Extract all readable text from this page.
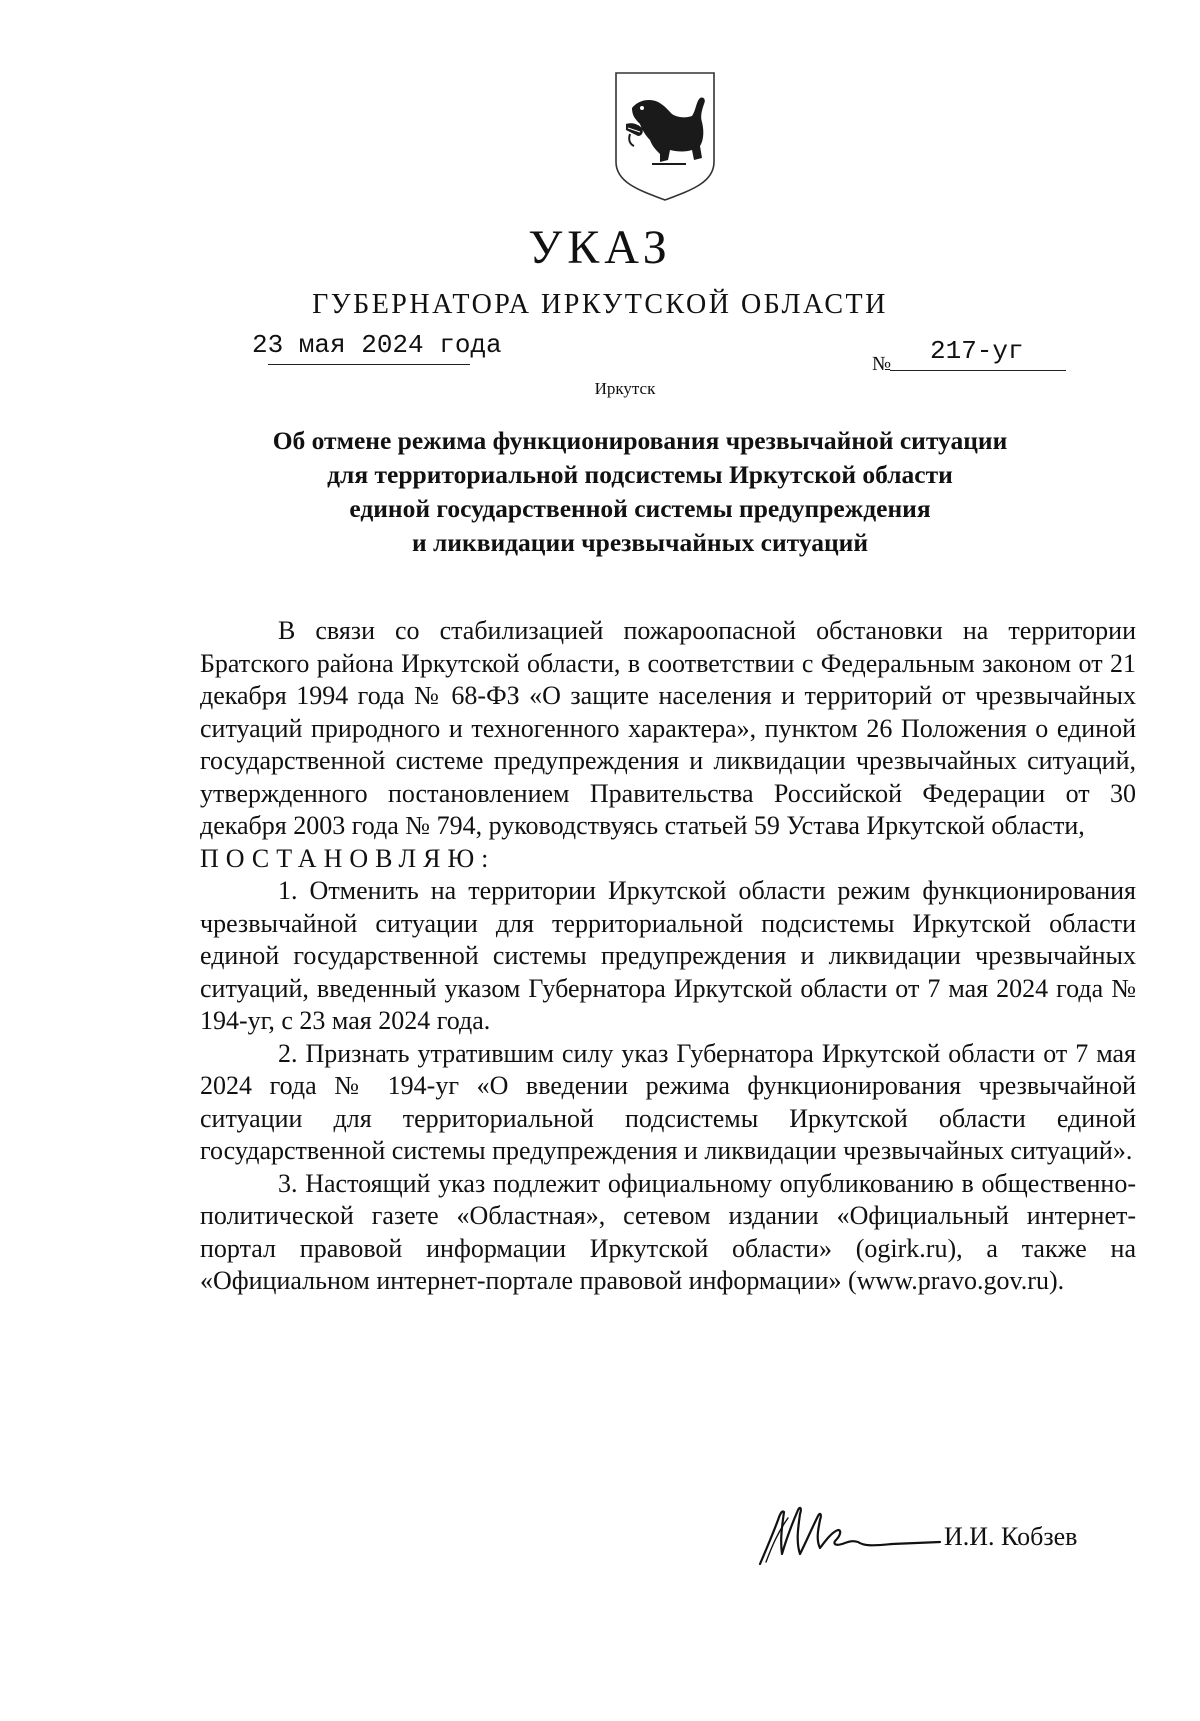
УКАЗ
ГУБЕРНАТОРА ИРКУТСКОЙ ОБЛАСТИ
23 мая 2024 года
№ 217-уг
Иркутск
Об отмене режима функционирования чрезвычайной ситуации
для территориальной подсистемы Иркутской области
единой государственной системы предупреждения
и ликвидации чрезвычайных ситуаций

В связи со стабилизацией пожароопасной обстановки на территории Братского района Иркутской области, в соответствии с Федеральным законом от 21 декабря 1994 года № 68-ФЗ «О защите населения и территорий от чрезвычайных ситуаций природного и техногенного характера», пунктом 26 Положения о единой государственной системе предупреждения и ликвидации чрезвычайных ситуаций, утвержденного постановлением Правительства Российской Федерации от 30 декабря 2003 года № 794, руководствуясь статьей 59 Устава Иркутской области,

ПОСТАНОВЛЯЮ:

1. Отменить на территории Иркутской области режим функционирования чрезвычайной ситуации для территориальной подсистемы Иркутской области единой государственной системы предупреждения и ликвидации чрезвычайных ситуаций, введенный указом Губернатора Иркутской области от 7 мая 2024 года № 194-уг, с 23 мая 2024 года.

2. Признать утратившим силу указ Губернатора Иркутской области от 7 мая 2024 года № 194-уг «О введении режима функционирования чрезвычайной ситуации для территориальной подсистемы Иркутской области единой государственной системы предупреждения и ликвидации чрезвычайных ситуаций».

3. Настоящий указ подлежит официальному опубликованию в общественно-политической газете «Областная», сетевом издании «Официальный интернет-портал правовой информации Иркутской области» (ogirk.ru), а также на «Официальном интернет-портале правовой информации» (www.pravo.gov.ru).

И.И. Кобзев
